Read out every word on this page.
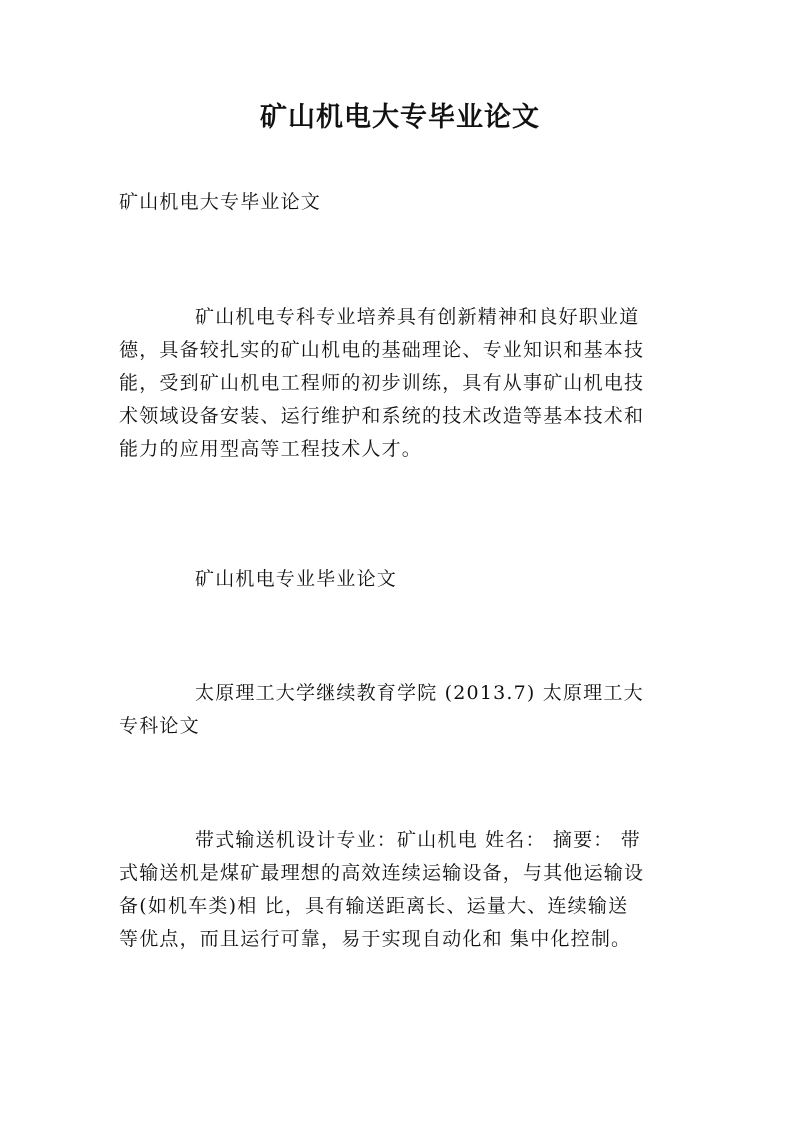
矿山机电大专毕业论文
矿山机电大专毕业论文
矿山机电专科专业培养具有创新精神和良好职业道
德，具备较扎实的矿山机电的基础理论、专业知识和基本技
能，受到矿山机电工程师的初步训练，具有从事矿山机电技
术领域设备安装、运行维护和系统的技术改造等基本技术和
能力的应用型高等工程技术人才。
矿山机电专业毕业论文
太原理工大学继续教育学院 (2013.7) 太原理工大
专科论文
带式输送机设计专业：矿山机电 姓名： 摘要： 带
式输送机是煤矿最理想的高效连续运输设备，与其他运输设
备(如机车类)相 比，具有输送距离长、运量大、连续输送
等优点，而且运行可靠，易于实现自动化和 集中化控制。
